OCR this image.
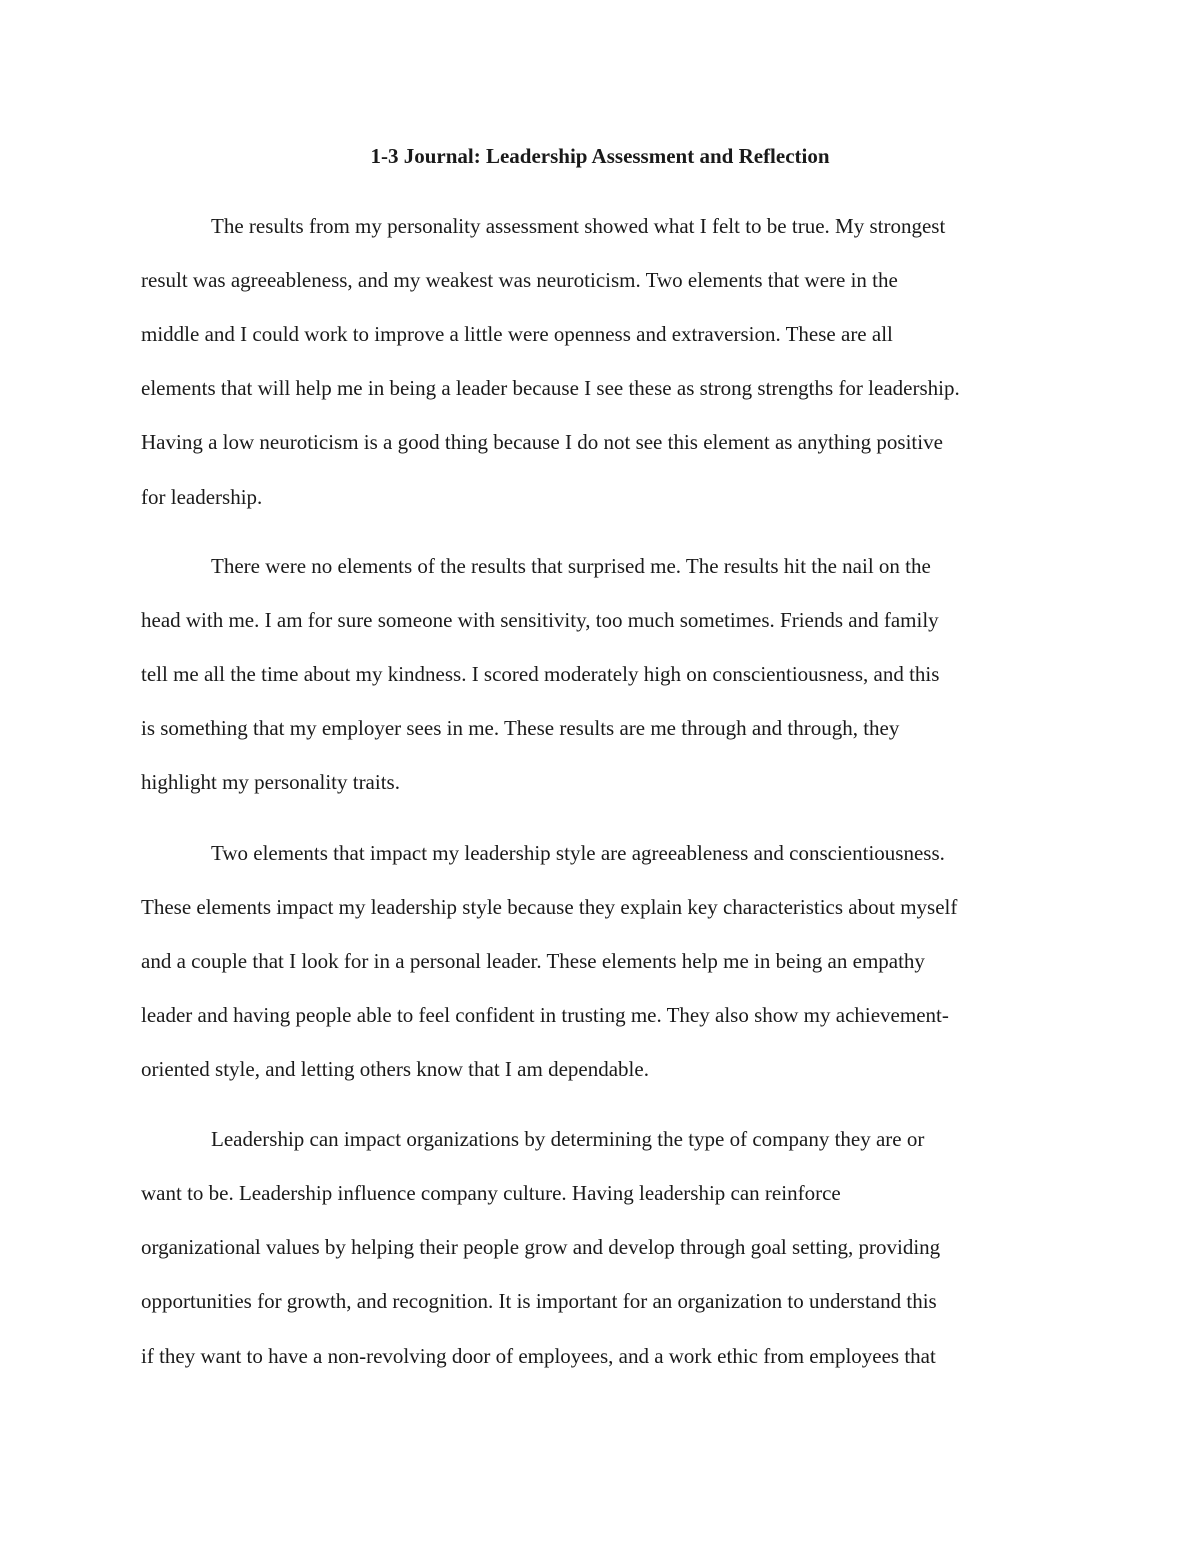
1-3 Journal: Leadership Assessment and Reflection

The results from my personality assessment showed what I felt to be true. My strongest

result was agreeableness, and my weakest was neuroticism. Two elements that were in the

middle and I could work to improve a little were openness and extraversion. These are all

elements that will help me in being a leader because I see these as strong strengths for leadership.

Having a low neuroticism is a good thing because I do not see this element as anything positive

for leadership.

There were no elements of the results that surprised me. The results hit the nail on the

head with me. I am for sure someone with sensitivity, too much sometimes. Friends and family

tell me all the time about my kindness. I scored moderately high on conscientiousness, and this

is something that my employer sees in me. These results are me through and through, they

highlight my personality traits.

Two elements that impact my leadership style are agreeableness and conscientiousness.

These elements impact my leadership style because they explain key characteristics about myself

and a couple that I look for in a personal leader. These elements help me in being an empathy

leader and having people able to feel confident in trusting me. They also show my achievement-

oriented style, and letting others know that I am dependable.

Leadership can impact organizations by determining the type of company they are or

want to be. Leadership influence company culture. Having leadership can reinforce

organizational values by helping their people grow and develop through goal setting, providing

opportunities for growth, and recognition. It is important for an organization to understand this

if they want to have a non-revolving door of employees, and a work ethic from employees that
